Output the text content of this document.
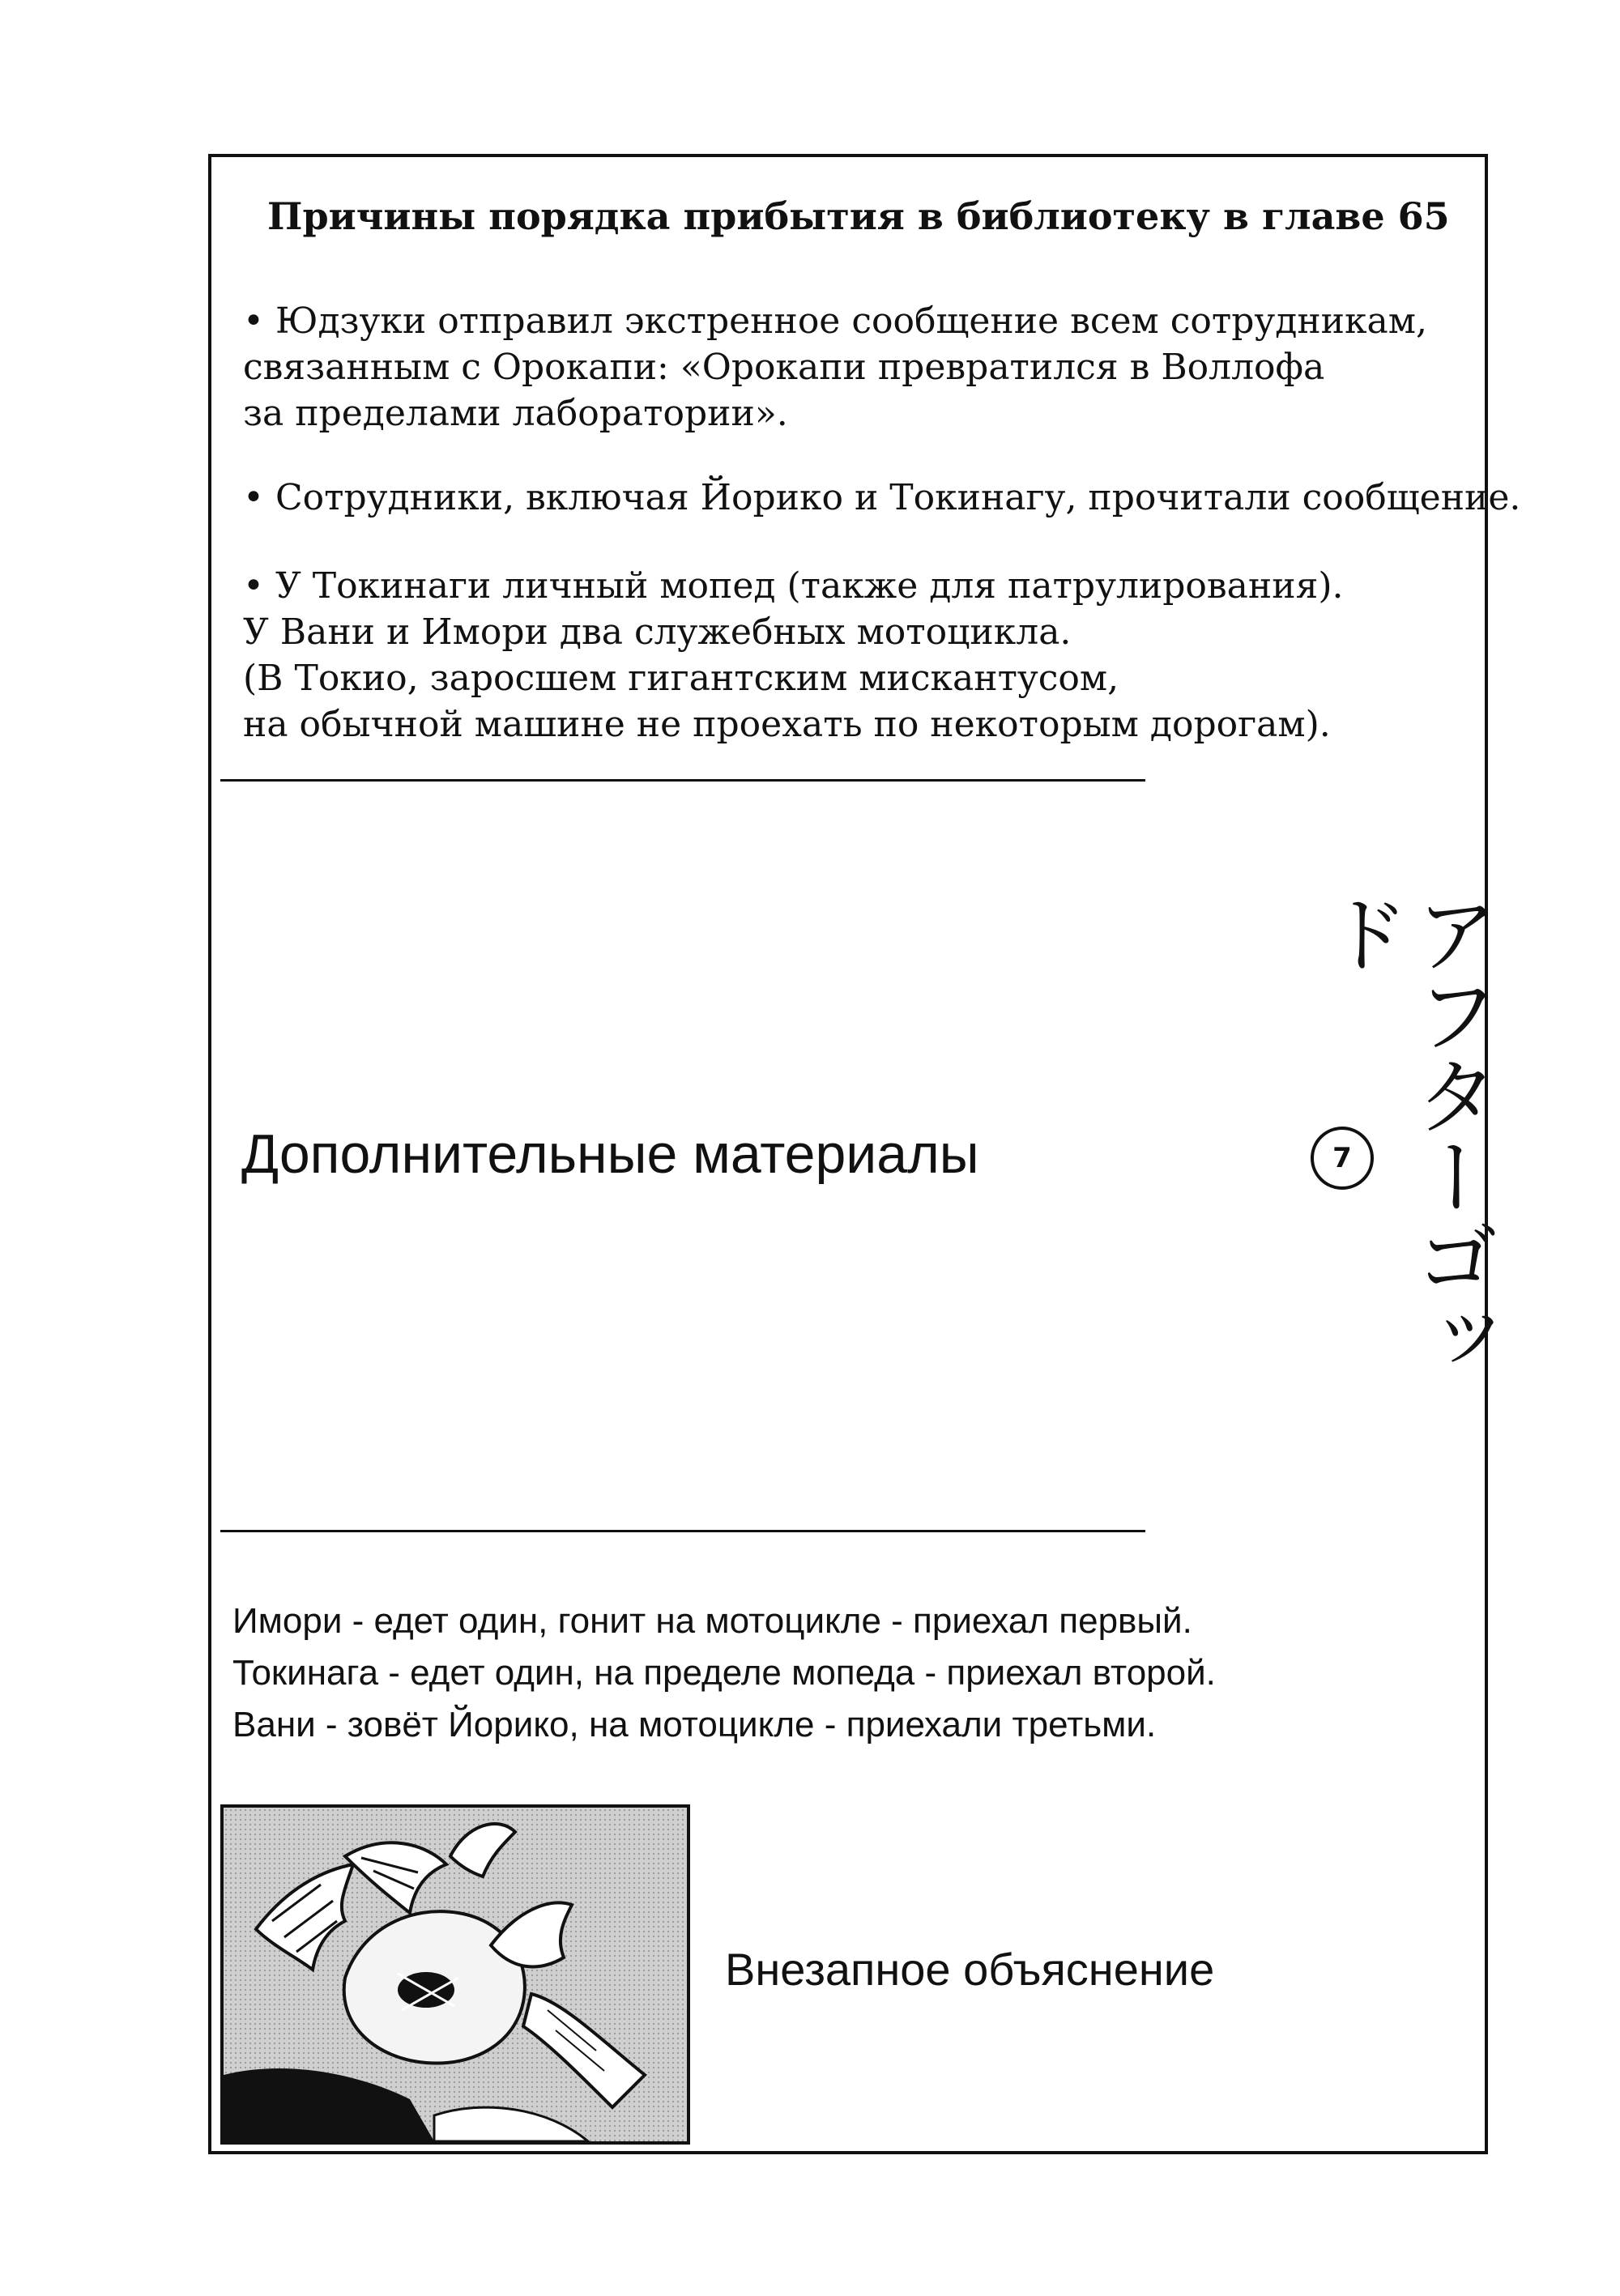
Причины порядка прибытия в библиотеку в главе 65

• Юдзуки отправил экстренное сообщение всем сотрудникам,

связанным с Орокапи: «Орокапи превратился в Воллофа

за пределами лаборатории».

• Сотрудники, включая Йорико и Токинагу, прочитали сообщение.

• У Токинаги личный мопед (также для патрулирования).

У Вани и Имори два служебных мотоцикла.

(В Токио, заросшем гигантским мискантусом,

на обычной машине не проехать по некоторым дорогам).

Дополнительные материалы	7 アフターゴッド

Имори - едет один, гонит на мотоцикле - приехал первый.

Токинага - едет один, на пределе мопеда - приехал второй.

Вани - зовёт Йорико, на мотоцикле - приехали третьми.

Внезапное объяснение
